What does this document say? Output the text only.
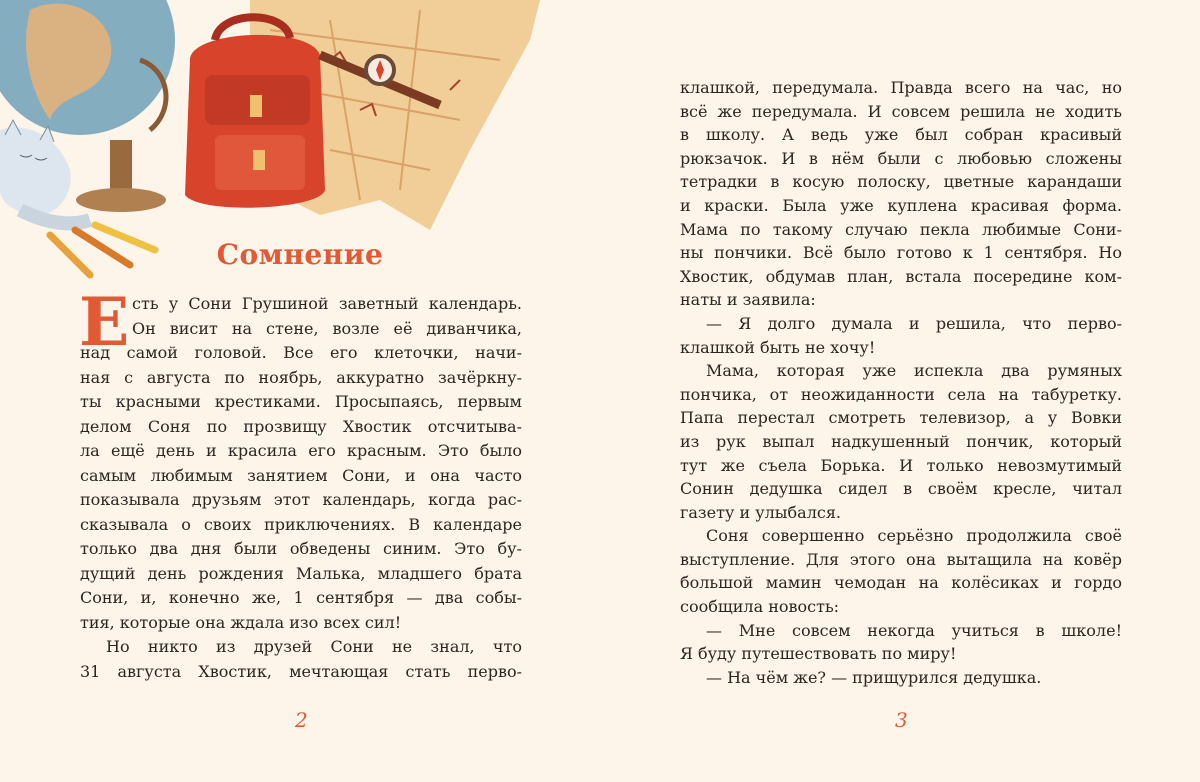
Сомнение
сть у Сони Грушиной заветный календарь.
Он висит на стене, возле её диванчика,
над самой головой. Все его клеточки, начи-
ная с августа по ноябрь, аккуратно зачёркну-
ты красными крестиками. Просыпаясь, первым
делом Соня по прозвищу Хвостик отсчитыва-
ла ещё день и красила его красным. Это было
самым любимым занятием Сони, и она часто
показывала друзьям этот календарь, когда рас-
сказывала о своих приключениях. В календаре
только два дня были обведены синим. Это бу-
дущий день рождения Малька, младшего брата
Сони, и, конечно же, 1 сентября — два собы-
тия, которые она ждала изо всех сил!
Е
Но никто из друзей Сони не знал, что
31 августа Хвостик, мечтающая стать перво-
клашкой, передумала. Правда всего на час, но
всё же передумала. И совсем решила не ходить
в школу. А ведь уже был собран красивый
рюкзачок. И в нём были с любовью сложены
тетрадки в косую полоску, цветные карандаши
и краски. Была уже куплена красивая форма.
Мама по такому случаю пекла любимые Сони-
ны пончики. Всё было готово к 1 сентября. Но
Хвостик, обдумав план, встала посередине ком-
наты и заявила:
— Я долго думала и решила, что перво-
клашкой быть не хочу!
Мама, которая уже испекла два румяных
пончика, от неожиданности села на табуретку.
Папа перестал смотреть телевизор, а у Вовки
из рук выпал надкушенный пончик, который
тут же съела Борька. И только невозмутимый
Сонин дедушка сидел в своём кресле, читал
газету и улыбался.
Соня совершенно серьёзно продолжила своё
выступление. Для этого она вытащила на ковёр
большой мамин чемодан на колёсиках и гордо
сообщила новость:
— Мне совсем некогда учиться в школе!
Я буду путешествовать по миру!
— На чём же? — прищурился дедушка.
2	3
